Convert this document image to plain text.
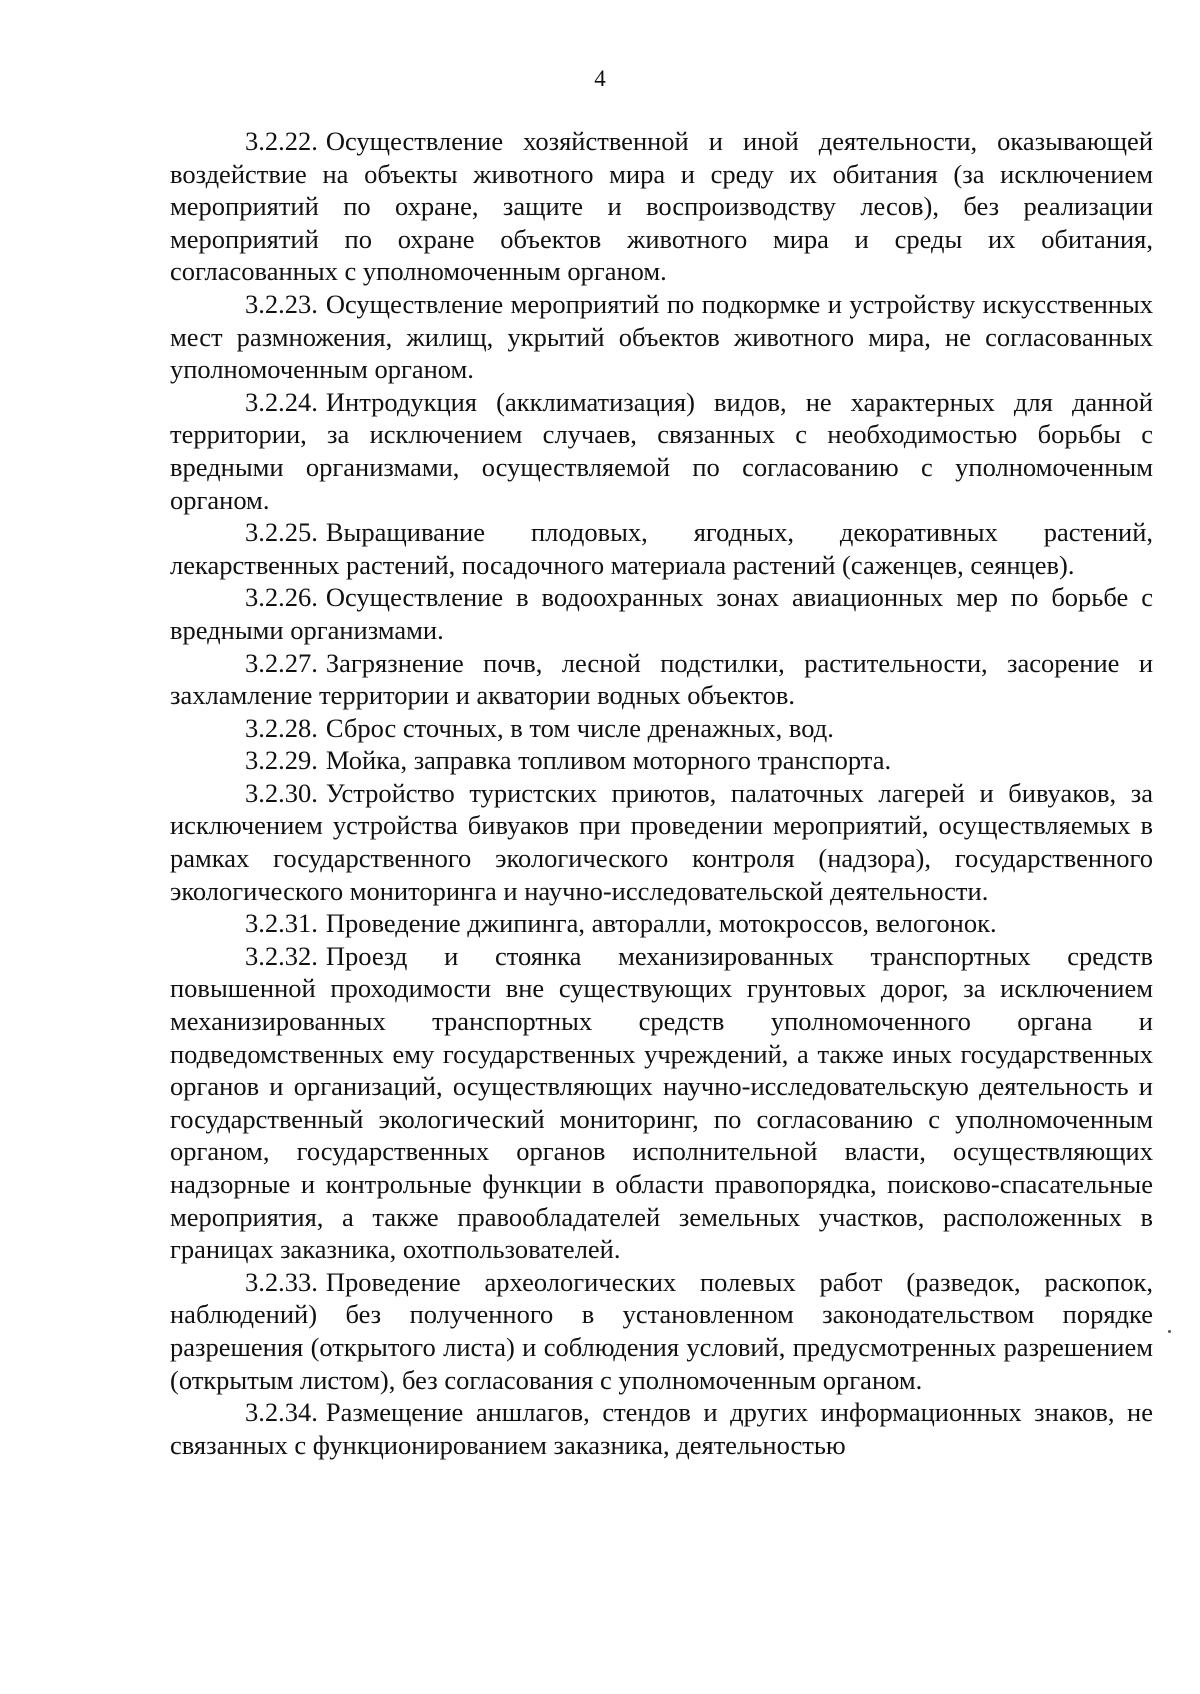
4

3.2.22. Осуществление хозяйственной и иной деятельности, оказывающей воздействие на объекты животного мира и среду их обитания (за исключением мероприятий по охране, защите и воспроизводству лесов), без реализации мероприятий по охране объектов животного мира и среды их обитания, согласованных с уполномоченным органом.

3.2.23. Осуществление мероприятий по подкормке и устройству искусственных мест размножения, жилищ, укрытий объектов животного мира, не согласованных уполномоченным органом.

3.2.24. Интродукция (акклиматизация) видов, не характерных для данной территории, за исключением случаев, связанных с необходимостью борьбы с вредными организмами, осуществляемой по согласованию с уполномоченным органом.

3.2.25. Выращивание плодовых, ягодных, декоративных растений, лекарственных растений, посадочного материала растений (саженцев, сеянцев).

3.2.26. Осуществление в водоохранных зонах авиационных мер по борьбе с вредными организмами.

3.2.27. Загрязнение почв, лесной подстилки, растительности, засорение и захламление территории и акватории водных объектов.

3.2.28. Сброс сточных, в том числе дренажных, вод.

3.2.29. Мойка, заправка топливом моторного транспорта.

3.2.30. Устройство туристских приютов, палаточных лагерей и бивуаков, за исключением устройства бивуаков при проведении мероприятий, осуществляемых в рамках государственного экологического контроля (надзора), государственного экологического мониторинга и научно-исследовательской деятельности.

3.2.31. Проведение джипинга, авторалли, мотокроссов, велогонок.

3.2.32. Проезд и стоянка механизированных транспортных средств повышенной проходимости вне существующих грунтовых дорог, за исключением механизированных транспортных средств уполномоченного органа и подведомственных ему государственных учреждений, а также иных государственных органов и организаций, осуществляющих научно-исследовательскую деятельность и государственный экологический мониторинг, по согласованию с уполномоченным органом, государственных органов исполнительной власти, осуществляющих надзорные и контрольные функции в области правопорядка, поисково-спасательные мероприятия, а также правообладателей земельных участков, расположенных в границах заказника, охотпользователей.

3.2.33. Проведение археологических полевых работ (разведок, раскопок, наблюдений) без полученного в установленном законодательством порядке разрешения (открытого листа) и соблюдения условий, предусмотренных разрешением (открытым листом), без согласования с уполномоченным органом.

3.2.34. Размещение аншлагов, стендов и других информационных знаков, не связанных с функционированием заказника, деятельностью
